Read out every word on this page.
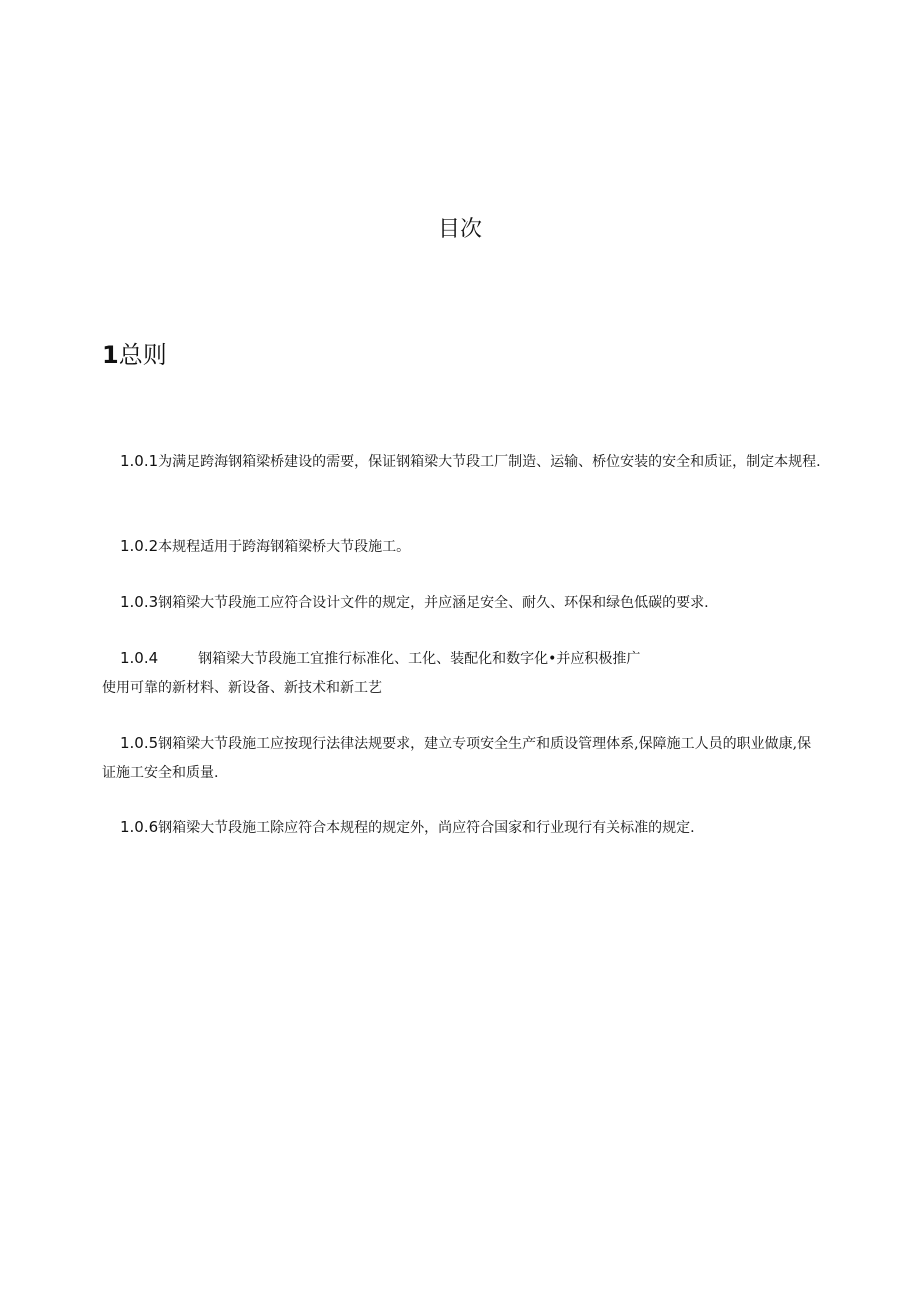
目次
1总则
1.0.1为满足跨海钢箱梁桥建设的需要，保证钢箱梁大节段工厂制造、运输、桥位安装的安全和质证，制定本规程.
1.0.2本规程适用于跨海钢箱梁桥大节段施工。
1.0.3钢箱梁大节段施工应符合设计文件的规定，并应涵足安全、耐久、环保和绿色低碳的要求.
1.0.4	钢箱梁大节段施工宜推行标准化、工化、装配化和数字化•并应积极推广
使用可靠的新材料、新设备、新技术和新工艺
1.0.5钢箱梁大节段施工应按现行法律法规要求，建立专项安全生产和质设管理体系,保障施工人员的职业做康,保证施工安全和质量.
1.0.6钢箱梁大节段施工除应符合本规程的规定外，尚应符合国家和行业现行有关标准的规定.
